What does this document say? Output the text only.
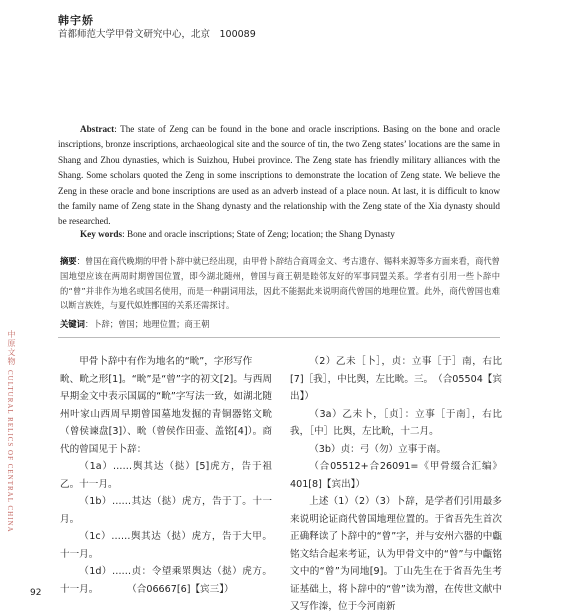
韩宇娇
首都师范大学甲骨文研究中心，北京　100089

Abstract: The state of Zeng can be found in the bone and oracle inscriptions. Basing on the bone and oracle inscriptions, bronze inscriptions, archaeological site and the source of tin, the two Zeng states’ locations are the same in Shang and Zhou dynasties, which is Suizhou, Hubei province. The Zeng state has friendly military alliances with the Shang. Some scholars quoted the Zeng in some inscriptions to demonstrate the location of Zeng state. We believe the Zeng in these oracle and bone inscriptions are used as an adverb instead of a place noun. At last, it is difficult to know the family name of Zeng state in the Shang dynasty and the relationship with the Zeng state of the Xia dynasty should be researched.

Key words: Bone and oracle inscriptions; State of Zeng; location; the Shang Dynasty

摘要：曾国在商代晚期的甲骨卜辞中就已经出现，由甲骨卜辞结合商周金文、考古遗存、锡料来源等多方面来看，商代曾国地望应该在两周时期曾国位置，即今湖北随州，曾国与商王朝是睦邻友好的军事同盟关系。学者有引用一些卜辞中的“曾”并非作为地名或国名使用，而是一种副词用法，因此不能据此来说明商代曾国的地理位置。此外，商代曾国也难以断言族姓，与夏代姒姓鄫国的关系还需探讨。

关键词：卜辞；曾国；地理位置；商王朝

中原文物
CULTURAL RELICS OF CENTRAL CHINA
92

甲骨卜辞中有作为地名的“㽙”，字形写作

㽙、㽙之形[1]。“㽙”是“曾”字的初文[2]。与西周早期金文中表示国属的“㽙”字写法一致，如湖北随州叶家山西周早期曾国墓地发掘的青铜器铭文㽙（曾侯谏盘[3]）、㽙（曾侯作田壶、盖铭[4]）。商代的曾国见于卜辞：

（1a）……舆其达（挞）[5]虎方，告于祖乙。十一月。

（1b）……其达（挞）虎方，告于丁。十一月。

（1c）……舆其达（挞）虎方，告于大甲。十一月。

（1d）……贞：令望乘眔舆达（挞）虎方。十一月。　　　　（合06667[6]【宾三】）

（2）乙未［卜］，贞：立事［于］南，右比[7]［我］，中比舆，左比㽙。三。　（合05504【宾出】）

（3a）乙未卜，［贞］：立事［于南］，右比我，［中］比舆，左比㽙，十二月。

（3b）贞：弓（勿）立事于南。

（合05512+合26091=《甲骨缀合汇编》401[8]【宾出】）

上述（1）（2）（3）卜辞，是学者们引用最多来说明论证商代曾国地理位置的。于省吾先生首次正确释读了卜辞中的“曾”字，并与安州六器的中甗铭文结合起来考证，认为甲骨文中的“曾”与中甗铭文中的“曾”为同地[9]。丁山先生在于省吾先生考证基础上，将卜辞中的“曾”读为潧，在传世文献中又写作溱，位于今河南新
